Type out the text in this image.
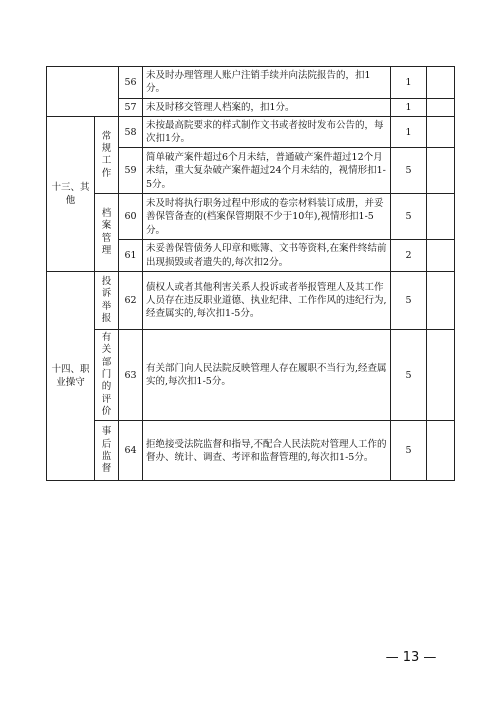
		56	未及时办理管理人账户注销手续并向法院报告的，扣1分。	1	
		57	未及时移交管理人档案的，扣1分。	1	
十三、其他	常规工作	58	未按最高院要求的样式制作文书或者按时发布公告的，每次扣1分。	1	
		59	简单破产案件超过6个月未结，普通破产案件超过12个月未结，重大复杂破产案件超过24个月未结的，视情形扣1-5分。	5	

	档案管理	60	未及时将执行职务过程中形成的卷宗材料装订成册，并妥善保管备查的(档案保管期限不少于10年),视情形扣1-5分。	5	
		61	未妥善保管债务人印章和账簿、文书等资料,在案件终结前出现损毁或者遗失的,每次扣2分。	2	
十四、职业操守	投诉举报	62	债权人或者其他利害关系人投诉或者举报管理人及其工作人员存在违反职业道德、执业纪律、工作作风的违纪行为,经查属实的,每次扣1-5分。	5	

	有关部门的评价	63	有关部门向人民法院反映管理人存在履职不当行为,经查属实的,每次扣1-5分。	5	

	事后监督	64	拒绝接受法院监督和指导,不配合人民法院对管理人工作的督办、统计、调查、考评和监督管理的,每次扣1-5分。	5	
— 13 —
